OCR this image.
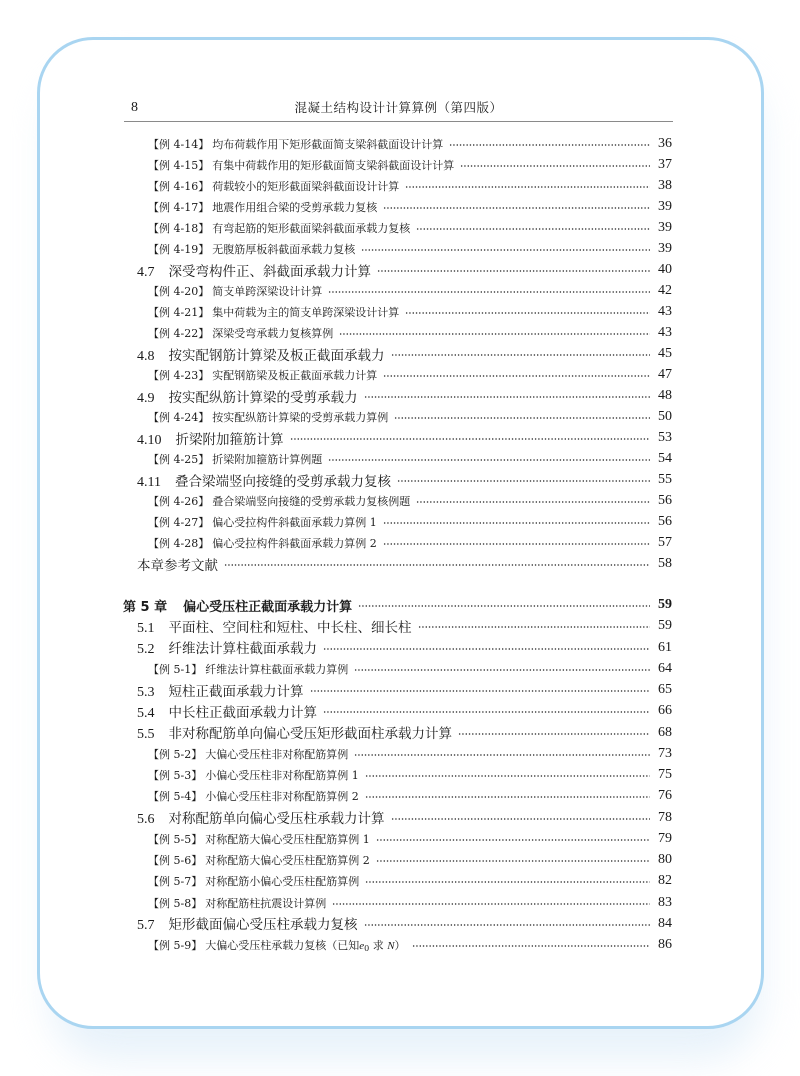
8	混凝土结构设计计算算例（第四版）
【例 4-14】 均布荷载作用下矩形截面简支梁斜截面设计计算	36
【例 4-15】 有集中荷载作用的矩形截面简支梁斜截面设计计算	37
【例 4-16】 荷载较小的矩形截面梁斜截面设计计算	38
【例 4-17】 地震作用组合梁的受剪承载力复核	39
【例 4-18】 有弯起筋的矩形截面梁斜截面承载力复核	39
【例 4-19】 无腹筋厚板斜截面承载力复核	39
4.7 深受弯构件正、斜截面承载力计算	40
【例 4-20】 简支单跨深梁设计计算	42
【例 4-21】 集中荷载为主的简支单跨深梁设计计算	43
【例 4-22】 深梁受弯承载力复核算例	43
4.8 按实配钢筋计算梁及板正截面承载力	45
【例 4-23】 实配钢筋梁及板正截面承载力计算	47
4.9 按实配纵筋计算梁的受剪承载力	48
【例 4-24】 按实配纵筋计算梁的受剪承载力算例	50
4.10 折梁附加箍筋计算	53
【例 4-25】 折梁附加箍筋计算例题	54
4.11 叠合梁端竖向接缝的受剪承载力复核	55
【例 4-26】 叠合梁端竖向接缝的受剪承载力复核例题	56
【例 4-27】 偏心受拉构件斜截面承载力算例 1	56
【例 4-28】 偏心受拉构件斜截面承载力算例 2	57
本章参考文献	58
第 5 章 偏心受压柱正截面承载力计算	59
5.1 平面柱、空间柱和短柱、中长柱、细长柱	59
5.2 纤维法计算柱截面承载力	61
【例 5-1】 纤维法计算柱截面承载力算例	64
5.3 短柱正截面承载力计算	65
5.4 中长柱正截面承载力计算	66
5.5 非对称配筋单向偏心受压矩形截面柱承载力计算	68
【例 5-2】 大偏心受压柱非对称配筋算例	73
【例 5-3】 小偏心受压柱非对称配筋算例 1	75
【例 5-4】 小偏心受压柱非对称配筋算例 2	76
5.6 对称配筋单向偏心受压柱承载力计算	78
【例 5-5】 对称配筋大偏心受压柱配筋算例 1	79
【例 5-6】 对称配筋大偏心受压柱配筋算例 2	80
【例 5-7】 对称配筋小偏心受压柱配筋算例	82
【例 5-8】 对称配筋柱抗震设计算例	83
5.7 矩形截面偏心受压柱承载力复核	84
【例 5-9】 大偏心受压柱承载力复核（已知$e_0$ 求 N）	86
